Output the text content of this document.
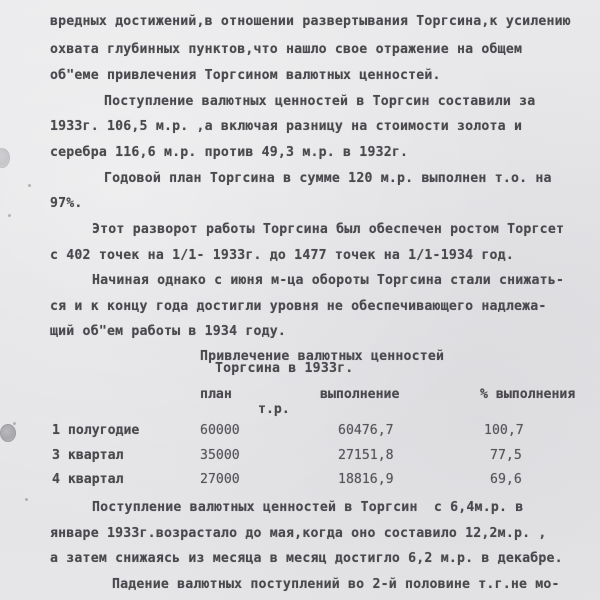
вредных достижений,в отношении развертывания Торгсина,к усилению
охвата глубинных пунктов,что нашло свое отражение на общем
об"еме привлечения Торгсином валютных ценностей.
Поступление валютных ценностей в Торгсин составили за
1933г. 106,5 м.р. ,а включая разницу на стоимости золота и
серебра 116,6 м.р. против 49,3 м.р. в 1932г.
Годовой план Торгсина в сумме 120 м.р. выполнен т.о. на
97%.
Этот разворот работы Торгсина был обеспечен ростом Торгсет
с 402 точек на 1/1- 1933г. до 1477 точек на 1/1-1934 год.
Начиная однако с июня м-ца обороты Торгсина стали снижать-
ся и к концу года достигли уровня не обеспечивающего надлежа-
щий об"ем работы в 1934 году.
Привлечение валютных ценностей
Торгсина в 1933г.
план	выполнение	% выполнения
т.р.
1 полугодие	60000	60476,7	100,7
3 квартал	35000	27151,8	77,5
4 квартал	27000	18816,9	69,6
Поступление валютных ценностей в Торгсин  с 6,4м.р. в
январе 1933г.возрастало до мая,когда оно составило 12,2м.р. ,
а затем снижаясь из месяца в месяц достигло 6,2 м.р. в декабре.
Падение валютных поступлений во 2-й половине т.г.не мо-
